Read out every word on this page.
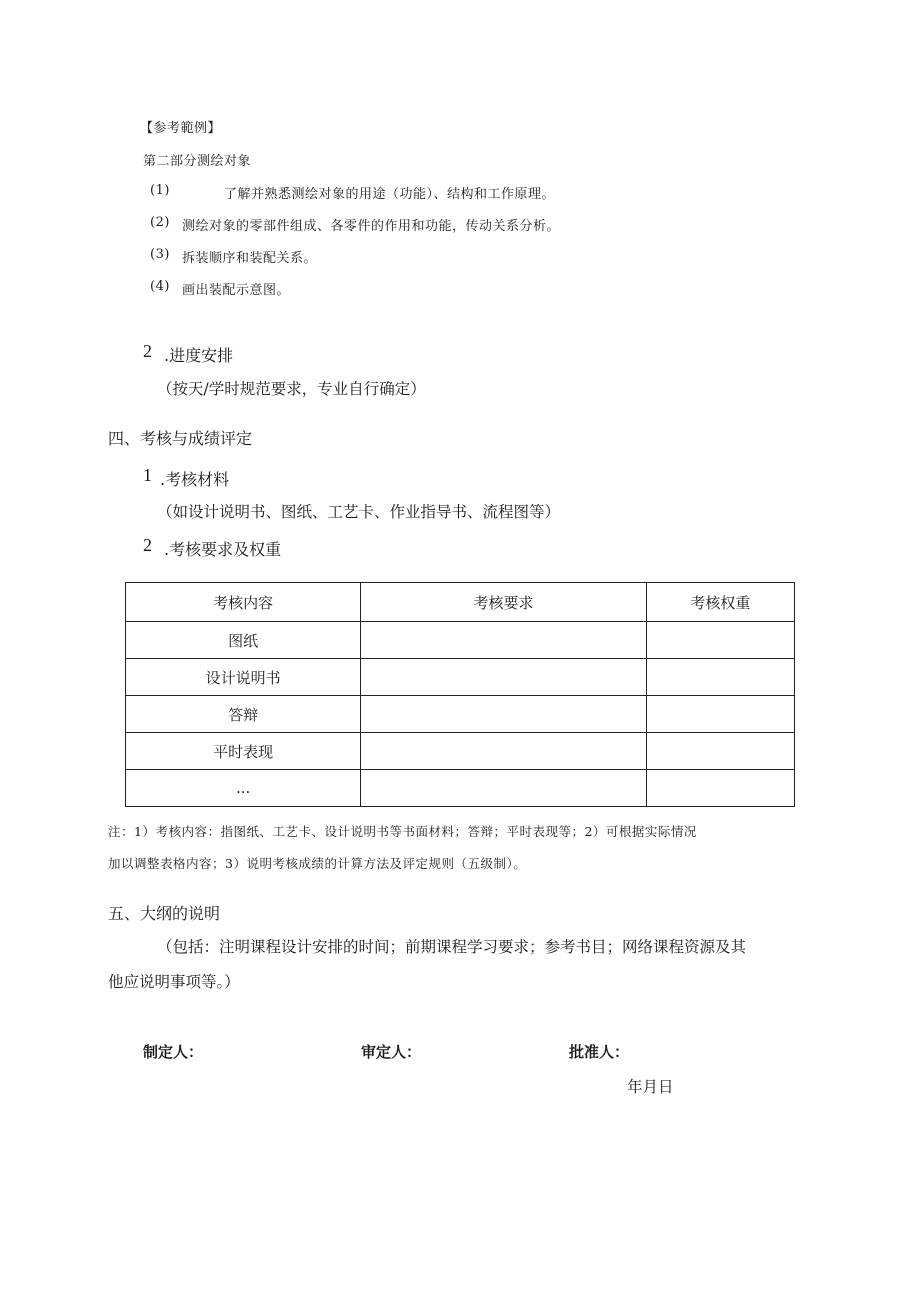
【参考範例】
第二部分测绘对象
(1)	了解并熟悉测绘对象的用途（功能）、结构和工作原理。
(2) 测绘对象的零部件组成、各零件的作用和功能，传动关系分析。
(3) 拆装顺序和装配关系。
(4) 画出装配示意图。
2 .进度安排
（按天/学时规范要求，专业自行确定）
四、考核与成绩评定
1 .考核材料
（如设计说明书、图纸、工艺卡、作业指导书、流程图等）
2 .考核要求及权重
考核内容	考核要求	考核权重
图纸		
设计说明书		
答辩		
平时表现		
...		
注：1）考核内容：指图纸、工艺卡、设计说明书等书面材料；答辩；平时表现等；2）可根据实际情况
加以调整表格内容；3）说明考核成绩的计算方法及评定规则（五级制）。
五、大纲的说明
（包括：注明课程设计安排的时间；前期课程学习要求；参考书目；网络课程资源及其
他应说明事项等。）
制定人：	审定人：	批准人：
年月日
